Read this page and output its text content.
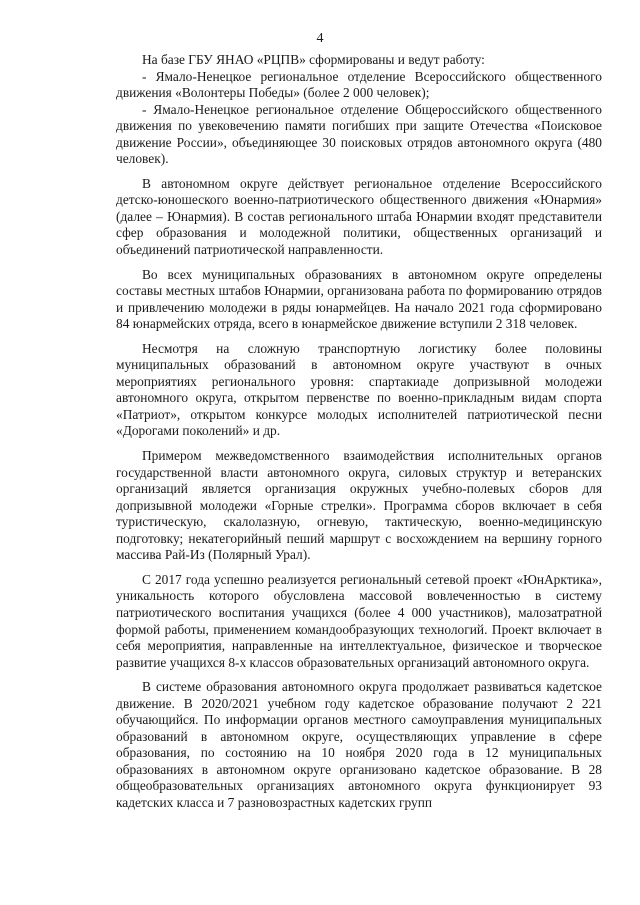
4

На базе ГБУ ЯНАО «РЦПВ» сформированы и ведут работу:

- Ямало-Ненецкое региональное отделение Всероссийского общественного движения «Волонтеры Победы» (более 2 000 человек);

- Ямало-Ненецкое региональное отделение Общероссийского общественного движения по увековечению памяти погибших при защите Отечества «Поисковое движение России», объединяющее 30 поисковых отрядов автономного округа (480 человек).

В автономном округе действует региональное отделение Всероссийского детско-юношеского военно-патриотического общественного движения «Юнармия» (далее – Юнармия). В состав регионального штаба Юнармии входят представители сфер образования и молодежной политики, общественных организаций и объединений патриотической направленности.

Во всех муниципальных образованиях в автономном округе определены составы местных штабов Юнармии, организована работа по формированию отрядов и привлечению молодежи в ряды юнармейцев. На начало 2021 года сформировано 84 юнармейских отряда, всего в юнармейское движение вступили 2 318 человек.

Несмотря на сложную транспортную логистику более половины муниципальных образований в автономном округе участвуют в очных мероприятиях регионального уровня: спартакиаде допризывной молодежи автономного округа, открытом первенстве по военно-прикладным видам спорта «Патриот», открытом конкурсе молодых исполнителей патриотической песни «Дорогами поколений» и др.

Примером межведомственного взаимодействия исполнительных органов государственной власти автономного округа, силовых структур и ветеранских организаций является организация окружных учебно-полевых сборов для допризывной молодежи «Горные стрелки». Программа сборов включает в себя туристическую, скалолазную, огневую, тактическую, военно-медицинскую подготовку; некатегорийный пеший маршрут с восхождением на вершину горного массива Рай-Из (Полярный Урал).

С 2017 года успешно реализуется региональный сетевой проект «ЮнАрктика», уникальность которого обусловлена массовой вовлеченностью в систему патриотического воспитания учащихся (более 4 000 участников), малозатратной формой работы, применением командообразующих технологий. Проект включает в себя мероприятия, направленные на интеллектуальное, физическое и творческое развитие учащихся 8-х классов образовательных организаций автономного округа.

В системе образования автономного округа продолжает развиваться кадетское движение. В 2020/2021 учебном году кадетское образование получают 2 221 обучающийся. По информации органов местного самоуправления муниципальных образований в автономном округе, осуществляющих управление в сфере образования, по состоянию на 10 ноября 2020 года в 12 муниципальных образованиях в автономном округе организовано кадетское образование. В 28 общеобразовательных организациях автономного округа функционирует 93 кадетских класса и 7 разновозрастных кадетских групп
